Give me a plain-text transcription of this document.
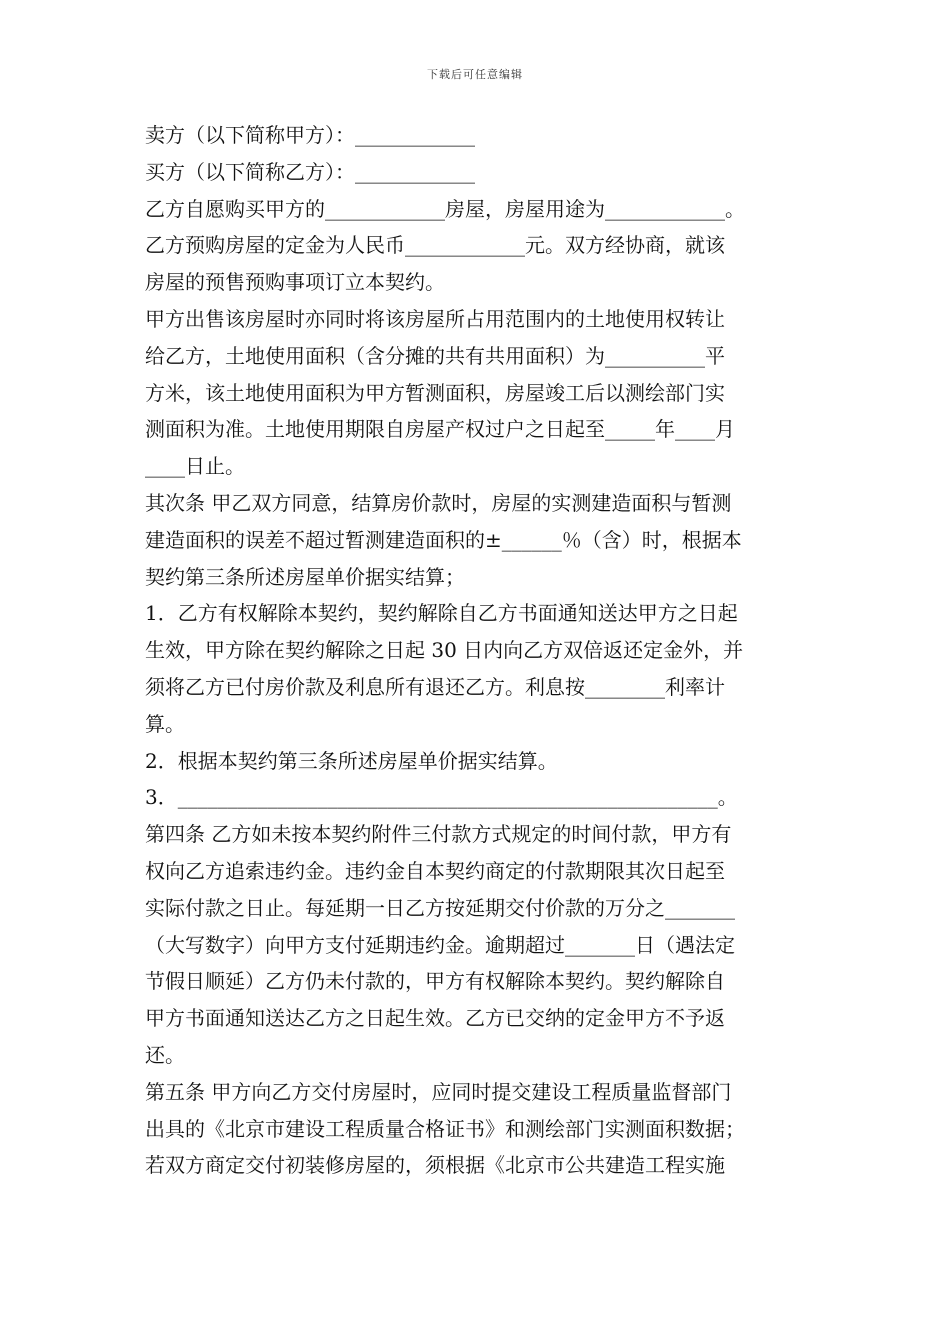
下载后可任意编辑

卖方（以下简称甲方）：____________

买方（以下简称乙方）：____________

乙方自愿购买甲方的____________房屋，房屋用途为____________。

乙方预购房屋的定金为人民币____________元。双方经协商，就该

房屋的预售预购事项订立本契约。

甲方出售该房屋时亦同时将该房屋所占用范围内的土地使用权转让

给乙方，土地使用面积（含分摊的共有共用面积）为__________平

方米，该土地使用面积为甲方暂测面积，房屋竣工后以测绘部门实

测面积为准。土地使用期限自房屋产权过户之日起至_____年____月

____日止。

其次条 甲乙双方同意，结算房价款时，房屋的实测建造面积与暂测

建造面积的误差不超过暂测建造面积的±______％（含）时，根据本

契约第三条所述房屋单价据实结算；

1．乙方有权解除本契约，契约解除自乙方书面通知送达甲方之日起

生效，甲方除在契约解除之日起 30 日内向乙方双倍返还定金外，并

须将乙方已付房价款及利息所有退还乙方。利息按________利率计

算。

2．根据本契约第三条所述房屋单价据实结算。

3．______________________________________________________。

第四条 乙方如未按本契约附件三付款方式规定的时间付款，甲方有

权向乙方追索违约金。违约金自本契约商定的付款期限其次日起至

实际付款之日止。每延期一日乙方按延期交付价款的万分之_______

（大写数字）向甲方支付延期违约金。逾期超过_______日（遇法定

节假日顺延）乙方仍未付款的，甲方有权解除本契约。契约解除自

甲方书面通知送达乙方之日起生效。乙方已交纳的定金甲方不予返

还。

第五条 甲方向乙方交付房屋时，应同时提交建设工程质量监督部门

出具的《北京市建设工程质量合格证书》和测绘部门实测面积数据；

若双方商定交付初装修房屋的，须根据《北京市公共建造工程实施
